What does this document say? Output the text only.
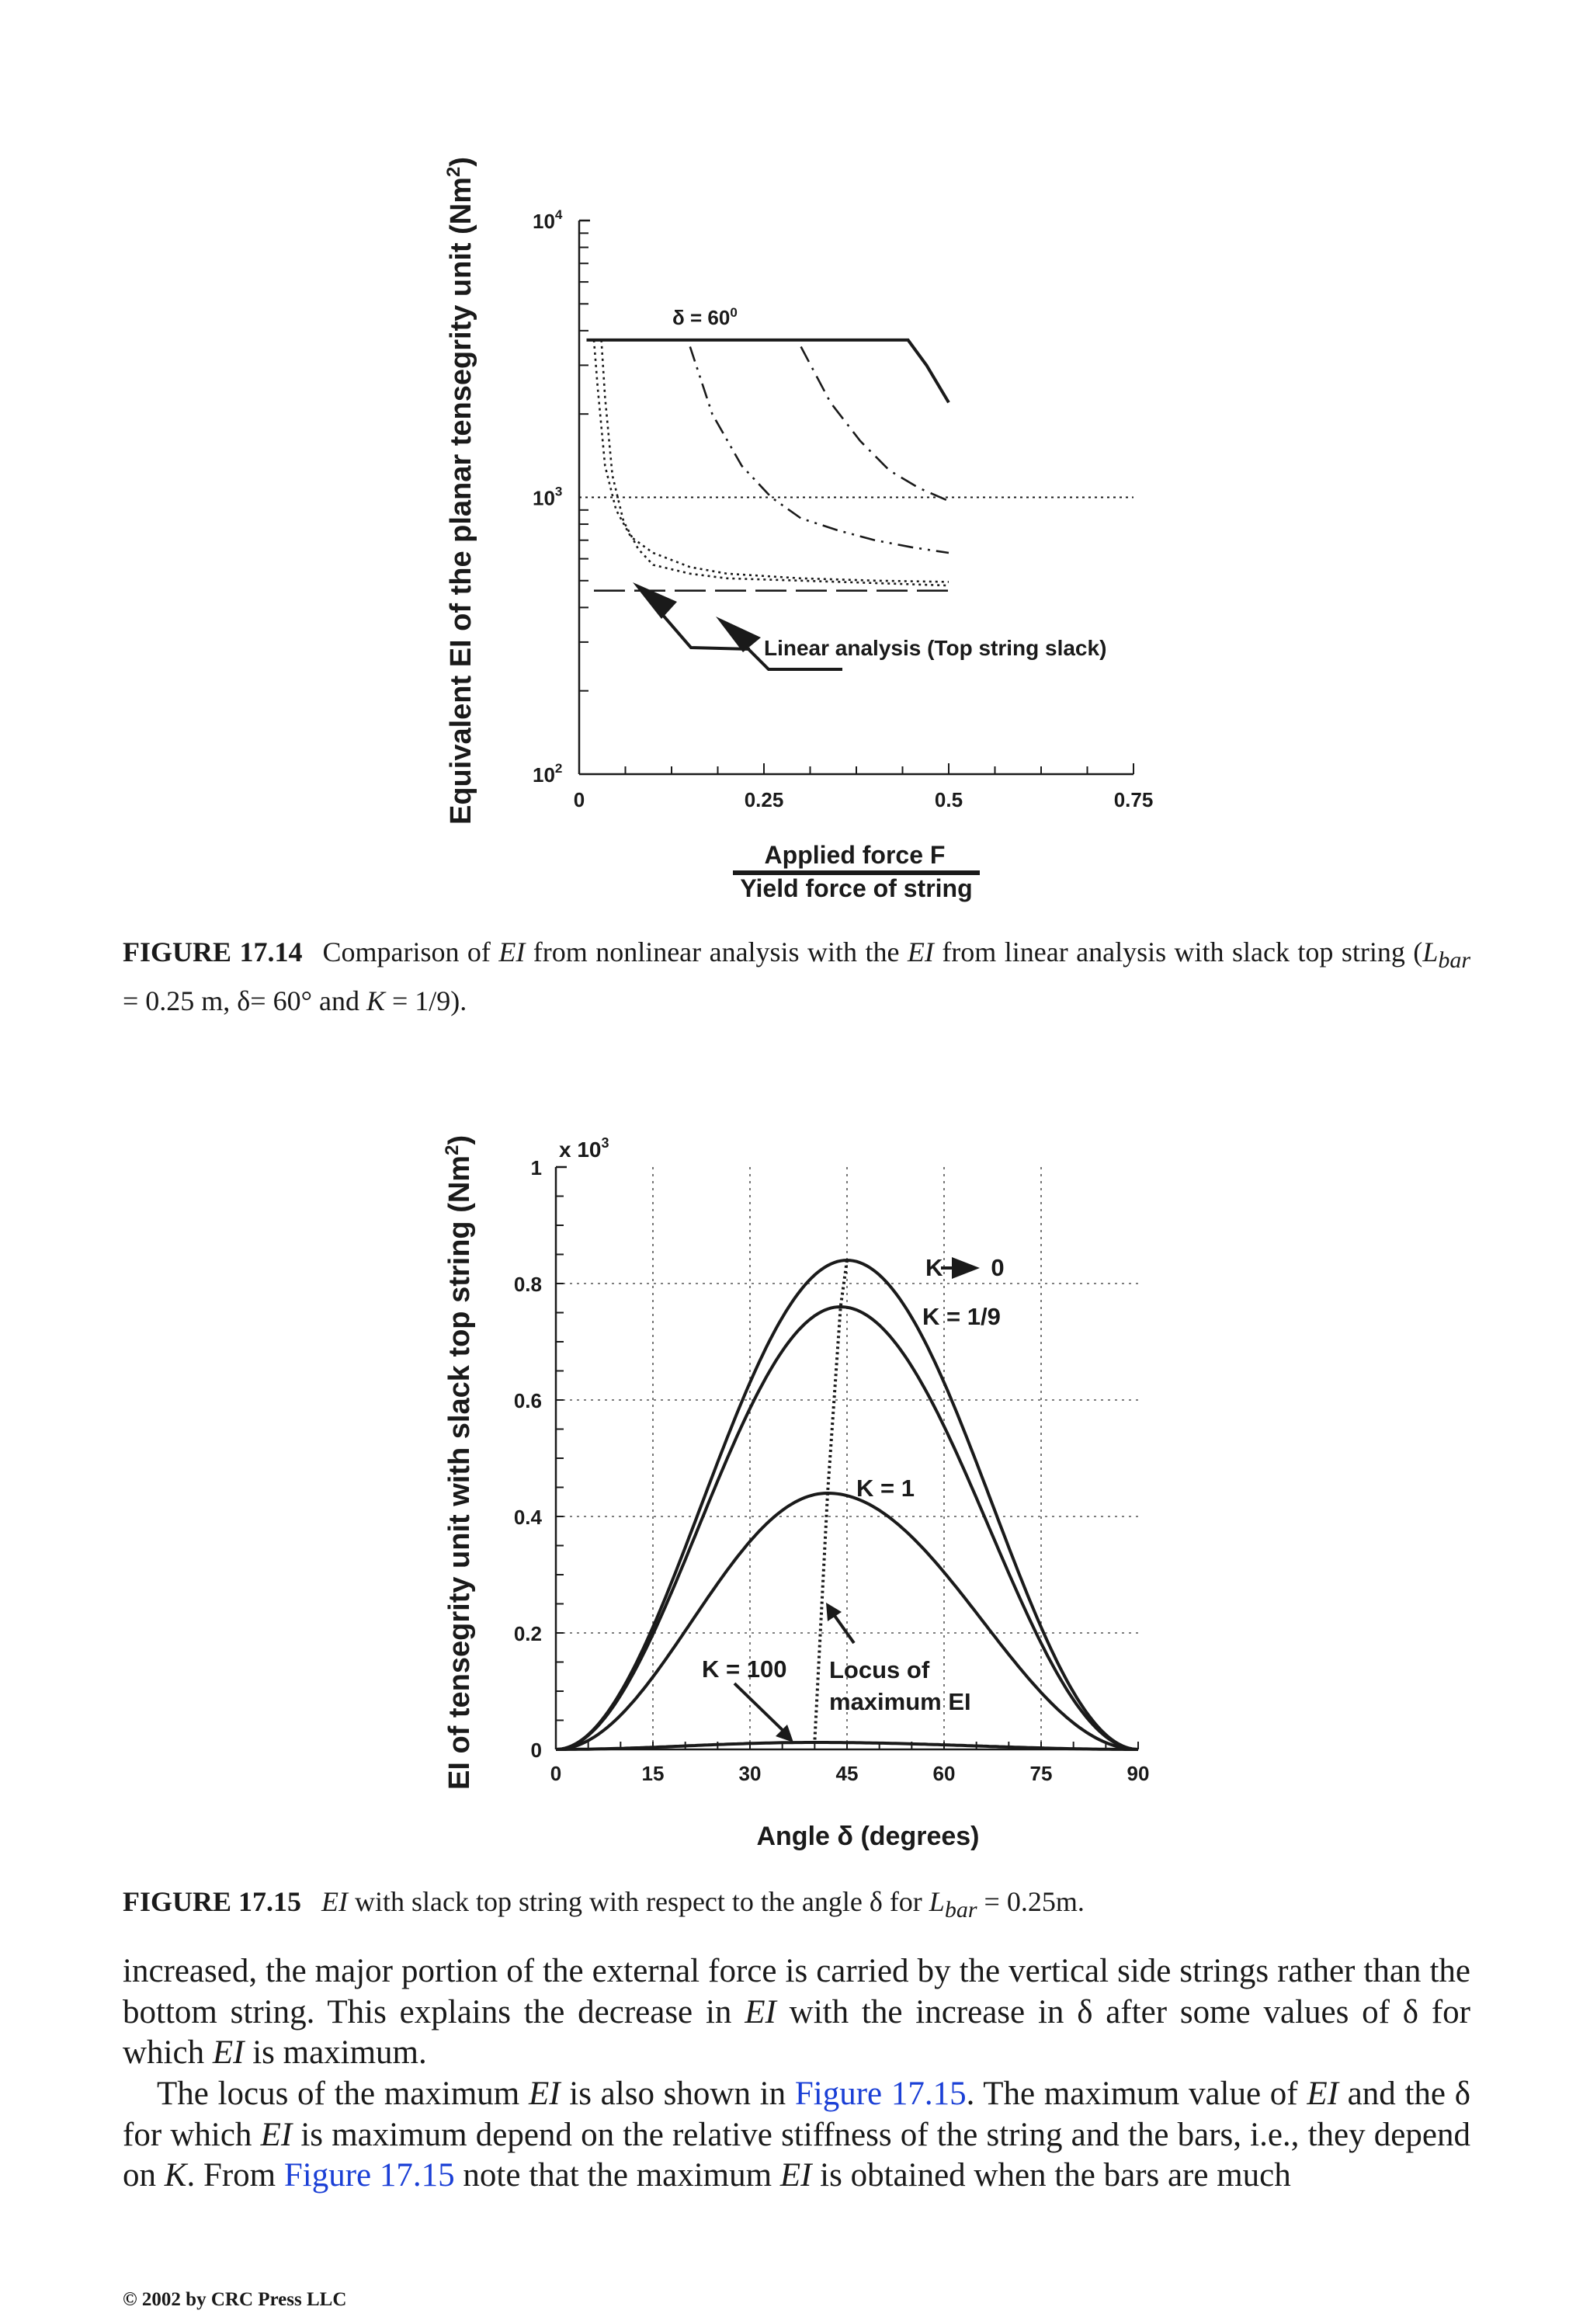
$10^2$
$10^3$
$10^4$
0	0.25	0.5	0.75
Equivalent EI of the planar tensegrity unit (Nm$^2$)
$\delta = 60^0$
Linear analysis (Top string slack)
Applied force F
Yield force of string
FIGURE 17.14 Comparison of EI from nonlinear analysis with the EI from linear analysis with slack top string ($L_{bar} = 0.25$ m, δ= 60° and K = 1/9).
0
0.2
0.4
0.6
0.8
1
0	15	30	45	60	75	90
EI of tensegrity unit with slack top string (Nm$^2$)	x $10^3$
K 0
K = 1/9
K = 1
K = 100 Locus of
maximum EI
Angle δ (degrees)
FIGURE 17.15 EI with slack top string with respect to the angle δ for $L_{bar} = 0.25m$.

increased, the major portion of the external force is carried by the vertical side strings rather than the bottom string. This explains the decrease in EI with the increase in δ after some values of δ for which EI is maximum.

The locus of the maximum EI is also shown in Figure 17.15. The maximum value of EI and the δ for which EI is maximum depend on the relative stiffness of the string and the bars, i.e., they depend on K. From Figure 17.15 note that the maximum EI is obtained when the bars are much

© 2002 by CRC Press LLC
